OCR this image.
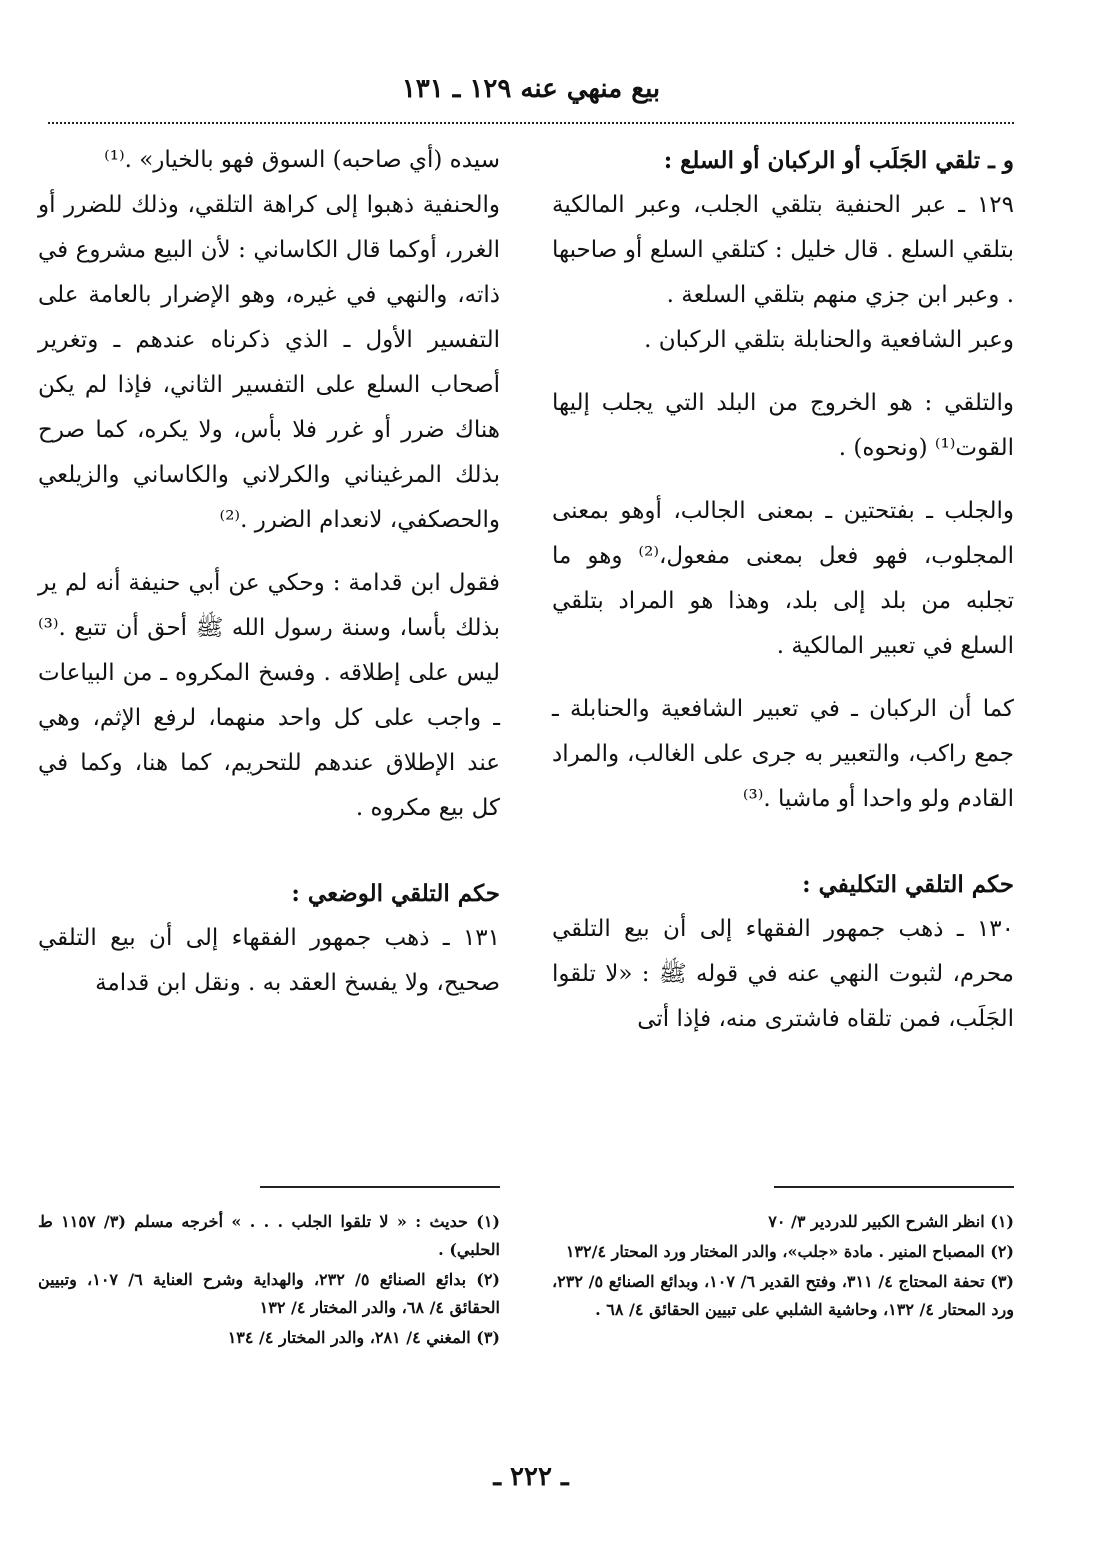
بيع منهي عنه ١٢٩ ـ ١٣١

و ـ تلقي الجَلَب أو الركبان أو السلع :

١٢٩ ـ عبر الحنفية بتلقي الجلب، وعبر المالكية بتلقي السلع . قال خليل : كتلقي السلع أو صاحبها . وعبر ابن جزي منهم بتلقي السلعة .

وعبر الشافعية والحنابلة بتلقي الركبان .

والتلقي : هو الخروج من البلد التي يجلب إليها القوت⁽¹⁾ (ونحوه) .

والجلب ـ بفتحتين ـ بمعنى الجالب، أوهو بمعنى المجلوب، فهو فعل بمعنى مفعول،⁽²⁾ وهو ما تجلبه من بلد إلى بلد، وهذا هو المراد بتلقي السلع في تعبير المالكية .

كما أن الركبان ـ في تعبير الشافعية والحنابلة ـ جمع راكب، والتعبير به جرى على الغالب، والمراد القادم ولو واحدا أو ماشيا .⁽³⁾

حكم التلقي التكليفي :

١٣٠ ـ ذهب جمهور الفقهاء إلى أن بيع التلقي محرم، لثبوت النهي عنه في قوله ﷺ : «لا تلقوا الجَلَب، فمن تلقاه فاشترى منه، فإذا أتى

سيده (أي صاحبه) السوق فهو بالخيار» .⁽¹⁾

والحنفية ذهبوا إلى كراهة التلقي، وذلك للضرر أو الغرر، أوكما قال الكاساني : لأن البيع مشروع في ذاته، والنهي في غيره، وهو الإضرار بالعامة على التفسير الأول ـ الذي ذكرناه عندهم ـ وتغرير أصحاب السلع على التفسير الثاني، فإذا لم يكن هناك ضرر أو غرر فلا بأس، ولا يكره، كما صرح بذلك المرغيناني والكرلاني والكاساني والزيلعي والحصكفي، لانعدام الضرر .⁽²⁾

فقول ابن قدامة : وحكي عن أبي حنيفة أنه لم ير بذلك بأسا، وسنة رسول الله ﷺ أحق أن تتبع .⁽³⁾ ليس على إطلاقه . وفسخ المكروه ـ من البياعات ـ واجب على كل واحد منهما، لرفع الإثم، وهي عند الإطلاق عندهم للتحريم، كما هنا، وكما في كل بيع مكروه .

حكم التلقي الوضعي :

١٣١ ـ ذهب جمهور الفقهاء إلى أن بيع التلقي صحيح، ولا يفسخ العقد به . ونقل ابن قدامة

(١) انظر الشرح الكبير للدردير ٣/ ٧٠

(٢) المصباح المنير . مادة «جلب»، والدر المختار ورد المحتار ١٣٢/٤

(٣) تحفة المحتاج ٤/ ٣١١، وفتح القدير ٦/ ١٠٧، وبدائع الصنائع ٥/ ٢٣٢، ورد المحتار ٤/ ١٣٢، وحاشية الشلبي على تبيين الحقائق ٤/ ٦٨ .

(١) حديث : « لا تلقوا الجلب . . . » أخرجه مسلم (٣/ ١١٥٧ ط الحلبي) .

(٢) بدائع الصنائع ٥/ ٢٣٢، والهداية وشرح العناية ٦/ ١٠٧، وتبيين الحقائق ٤/ ٦٨، والدر المختار ٤/ ١٣٢

(٣) المغني ٤/ ٢٨١، والدر المختار ٤/ ١٣٤

ـ ٢٢٢ ـ
